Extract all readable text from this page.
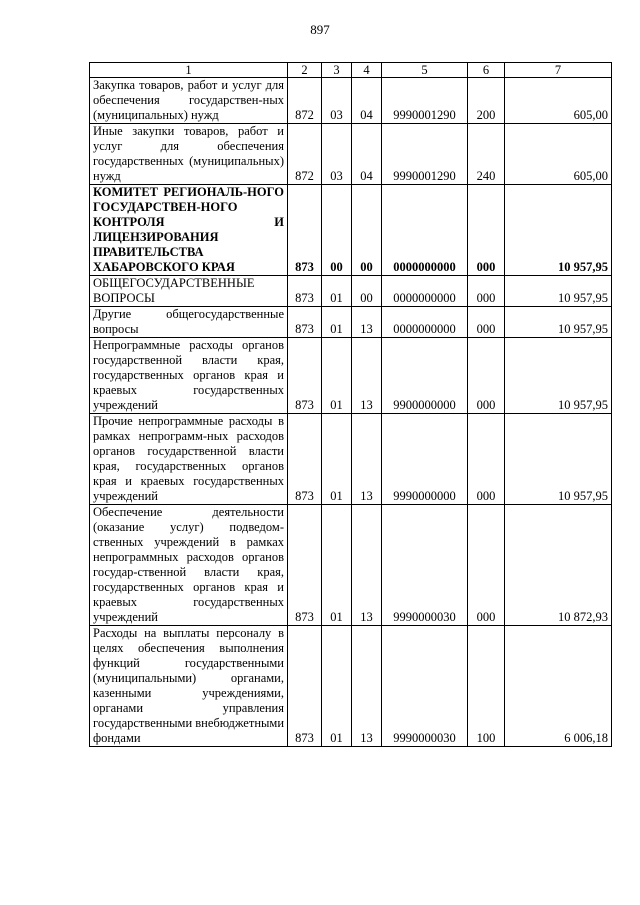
897
1	2	3	4	5	6	7
Закупка товаров, работ и услуг для обеспечения государствен-ных (муниципальных) нужд	872	03	04	9990001290	200	605,00
Иные закупки товаров, работ и услуг для обеспечения государственных (муниципальных) нужд	872	03	04	9990001290	240	605,00
КОМИТЕТ РЕГИОНАЛЬ-НОГО ГОСУДАРСТВЕН-НОГО КОНТРОЛЯ И ЛИЦЕНЗИРОВАНИЯ ПРАВИТЕЛЬСТВА ХАБАРОВСКОГО КРАЯ	873	00	00	0000000000	000	10 957,95
ОБЩЕГОСУДАРСТВЕННЫЕ ВОПРОСЫ	873	01	00	0000000000	000	10 957,95
Другие общегосударственные вопросы	873	01	13	0000000000	000	10 957,95
Непрограммные расходы органов государственной власти края, государственных органов края и краевых государственных учреждений	873	01	13	9900000000	000	10 957,95
Прочие непрограммные расходы в рамках непрограмм-ных расходов органов государственной власти края, государственных органов края и краевых государственных учреждений	873	01	13	9990000000	000	10 957,95
Обеспечение деятельности (оказание услуг) подведом-ственных учреждений в рамках непрограммных расходов органов государ-ственной власти края, государственных органов края и краевых государственных учреждений	873	01	13	9990000030	000	10 872,93
Расходы на выплаты персоналу в целях обеспечения выполнения функций государственными (муниципальными) органами, казенными учреждениями, органами управления государственными внебюджетными фондами	873	01	13	9990000030	100	6 006,18
